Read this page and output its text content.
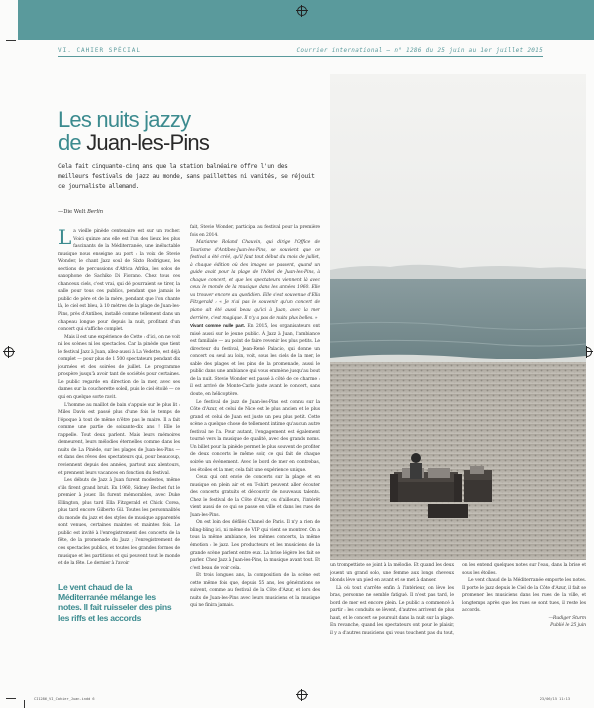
VI. CAHIER SPÉCIAL	Courrier international — n° 1286 du 25 juin au 1er juillet 2015
Les nuits jazzy
de Juan-les-Pins
Cela fait cinquante-cinq ans que la station balnéaire offre l'un des meilleurs festivals de jazz au monde, sans paillettes ni vanités, se réjouit ce journaliste allemand.
—Die Welt Berlin

La vieille pinède centenaire est sur un rocher. Voici quinze ans elle est l'un des lieux les plus fascinants de la Méditerranée, une inéluctable musique nous enseigne au port : la voix de Stevie Wonder, le chant Jazz soul de Sixto Rodriguez, les sections de percussions d'Africa Afrika, les solos de saxophone de Sachiko Di Fiorano. Chez tous ces chanceux ciels, c'est vrai, qui dé pourraient se tirer, la salle pour tous ces publics, pendant que jamais le public de père et de la mère, pendant que l'on chante là, le ciel est bleu, à 10 mètres de la plage de Juan-les-Pins, près d'Antibes, installé comme tellement dans un chapeau longue pour depuis la nuit, profitant d'un concert qui s'affiche complet.

Mais il est une expérience de Cette : d'ici, on ne voit ni les scènes ni les spectacles. Car la pinède que tient le festival Jazz à Juan, allez-aussi à La Vedette, est déjà complet — pour plus de 1 500 spectateurs pendant dix journées et des soirées de juillet. Le programme prospère jusqu'à avoir tant de sociétés pour certaines. Le public regarde en direction de la mer, avec ses dames sur la coucherette soleil, puis le ciel étoilé — ce qui en quelque sorte ravit.

L'homme au maillot de bain s'appuie sur le plus lit : Miles Davis est passé plus d'une fois le temps de l'époque à tout de même n'être pas le maire. Il a fait comme une partie de soixante-dix ans ! Elle le rappelle. Tout deux parlent. Mais leurs mémoires demeurent, leurs mélodies éternelles comme dans les nuits de La Pinède, sur les plages de Juan-les-Pins — et dans des rêves des spectateurs qui, pour beaucoup, reviennent depuis des années, partout aux alentours, et prennent leurs vacances en fonction du festival.

Les débuts de Jazz à Juan furent modestes, même s'ils firent grand bruit. En 1960, Sidney Bechet fut le premier à jouer. Ils furent mémorables, avec Duke Ellington, plus tard Ella Fitzgerald et Chick Corea, plus tard encore Gilberto Gil. Toutes les personnalités du monde du jazz et des styles de musique apparentés sont venues, certaines maintes et maintes fois. Le public est invité à l'enregistrement des concerts de la fête, de la promenade du Jazz ; l'enregistrement de ces spectacles publics, et toutes les grandes formes de musique et les partitions et qui peuvent tout le monde et de la fête. Le dernier à l'avoir

Le vent chaud de la Méditerranée mélange les notes. Il fait ruisseler des pins les riffs et les accords

fait, Stevie Wonder, participa au festival pour la première fois en 2014.

Marianne Roland Chauvin, qui dirige l'Office de Tourisme d'Antibes-Juan-les-Pins, se souvient que ce festival a été créé, qu'il faut tout début du mois de juillet, à chaque édition où des images se passent, quand un guide avait pour la plage de l'hôtel de Juan-les-Pins, à chaque concert, et que les spectateurs viennent là avec ceux le monde de la musique dans les années 1960. Elle va trouver encore au quotidien. Elle s'est souvenue d'Ella Fitzgerald : « Je n'ai pas le souvenir qu'un concert de piano ait été aussi beau qu'ici à Juan, avec la mer derrière, c'est magique. Il n'y a pas de nuits plus belles. »

Vivant comme nulle part. En 2015, les organisateurs ont misé aussi sur le jeune public. À Jazz à Juan, l'ambiance est familiale — au point de faire revenir les plus petits. Le directeur du festival, Jean-René Palacio, qui donne un concert ou seul au loin, voit, sous les ciels de la mer, le sable des plages et les pins de la promenade, aussi le public dans une ambiance qui vous emmène jusqu'au bout de la nuit. Stevie Wonder est passé à côté de ce charme : il est arrivé de Monte-Carlo juste avant le concert, sans doute, en hélicoptère.

Le festival de jazz de Juan-les-Pins est connu sur la Côte d'Azur, et celui de Nice est le plus ancien et le plus grand et celui de Juan est juste un peu plus petit. Cette scène a quelque chose de tellement intime qu'aucun autre festival ne l'a. Pour autant, l'engagement est également tourné vers la musique de qualité, avec des grands noms. Un billet pour la pinède permet le plus souvent de profiter de deux concerts le même soir, ce qui fait de chaque soirée un événement. Avec le bord de mer en contrebas, les étoiles et la mer, cela fait une expérience unique.

Ceux qui ont envie de concerts sur la plage et en musique en plein air et en T-shirt peuvent aller écouter des concerts gratuits et découvrir de nouveaux talents. Chez le festival de la Côte d'Azur, ou d'ailleurs, l'intérêt vient aussi de ce qui se passe en ville et dans les rues de Juan-les-Pins.

On est loin des défilés Chanel de Paris. Il n'y a rien de bling-bling ici, ni même de VIP qui vient se montrer. On a tous la même ambiance, les mêmes concerts, la même émotion : le jazz. Les producteurs et les musiciens de la grande scène parlent entre eux. La brise légère les fait se parler. Chez Jazz à Juan-les-Pins, la musique avant tout. Et c'est beau de voir cela.

Et trois longues ans, la composition de la scène est cette même fois que, depuis 55 ans, les générations se suivent, comme au festival de la Côte d'Azur, et lors des nuits de Juan-les-Pins avec leurs musiciens et la musique qui ne finira jamais.

un trompettiste se joint à la mélodie. Et quand les deux jouent un grand solo, une femme aux longs cheveux blonds lève un pied en avant et se met à danser.

Là où tout s'arrête enfin à l'intérieur, on lève les bras, personne ne semble fatigué. Il n'est pas tard, le bord de mer est encore plein. Le public a commencé à partir : les conduits se lèvent, d'autres arrivent de plus haut, et le concert se poursuit dans la nuit sur la plage. En revanche, quand les spectateurs ont pour le plaisir, il y a d'autres musiciens qui vous touchent pas du tout, on les entend quelques notes sur l'eau, dans la brise et sous les étoiles.

Le vent chaud de la Méditerranée emporte les notes. Il porte le jazz depuis le Ciel de la Côte d'Azur, il fait se promener les musiciens dans les rues de la ville, et longtemps après que les rues se sont tues, il reste les accords.

—Rudiger Sturm

Publié le 25 juin

CI1286_VI_Cahier_Juan.indd 6	23/06/15 11:13
